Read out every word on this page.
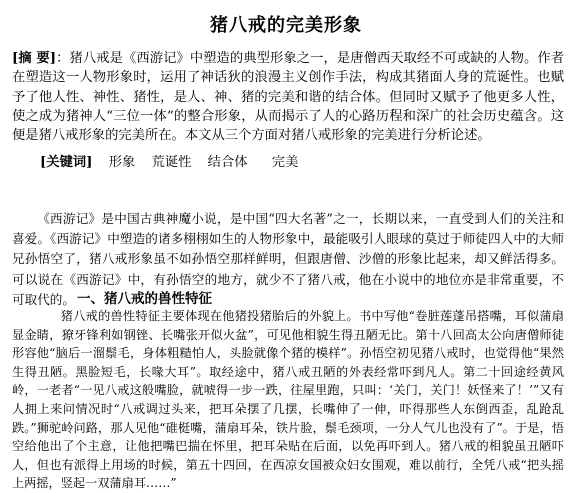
猪八戒的完美形象
[摘 要]：猪八戒是《西游记》中塑造的典型形象之一，是唐僧西天取经不可或缺的人物。作者在塑造这一人物形象时，运用了神话狄的浪漫主义创作手法，构成其猪面人身的荒诞性。也赋予了他人性、神性、猪性，是人、神、猪的完美和谐的结合体。但同时又赋予了他更多人性，使之成为猪神人“三位一体”的整合形象，从而揭示了人的心路历程和深广的社会历史蕴含。这便是猪八戒形象的完美所在。本文从三个方面对猪八戒形象的完美进行分析论述。
[关键词] 形象 荒诞性 结合体 完美
《西游记》是中国古典神魔小说，是中国“四大名著”之一，长期以来，一直受到人们的关注和喜爱。《西游记》中塑造的诸多栩栩如生的人物形象中，最能吸引人眼球的莫过于师徒四人中的大师兄孙悟空了，猪八戒形象虽不如孙悟空那样鲜明，但跟唐僧、沙僧的形象比起来，却又鲜活得多。可以说在《西游记》中，有孙悟空的地方，就少不了猪八戒，他在小说中的地位亦是非常重要，不可取代的。 一、猪八戒的兽性特征
猪八戒的兽性特征主要体现在他猪投猪胎后的外貌上。书中写他“卷脏莲蓬吊搭嘴，耳似蒲扇显金睛，獠牙锋利如钢锉、长嘴张开似火盆”，可见他相貌生得丑陋无比。第十八回高太公向唐僧师徒形容他“脑后一溜鬃毛，身体粗糙怕人，头脸就像个猪的模样”。孙悟空初见猪八戒时，也觉得他“果然生得丑陋。黑脸短毛，长喙大耳”。取经途中，猪八戒丑陋的外表经常吓到凡人。第二十回途经黄风岭，一老者“一见八戒这般嘴脸，就唬得一步一跌，往屋里跑，只叫：‘关门，关门！妖怪来了！’”又有人拥上来问情况时“八戒调过头来，把耳朵摆了几摆，长嘴伸了一伸，吓得那些人东倒西歪，乱跄乱跌。”狮驼岭问路，那人见他“碓梃嘴，蒲扇耳朵，铁片脸，鬃毛颈项，一分人气儿也没有了”。于是，悟空给他出了个主意，让他把嘴巴揣在怀里，把耳朵贴在后面，以免再吓到人。猪八戒的相貌虽丑陋吓人，但也有派得上用场的时候，第五十四回，在西凉女国被众妇女围观，难以前行，全凭八戒“把头摇上两摇，竖起一双蒲扇耳……”
